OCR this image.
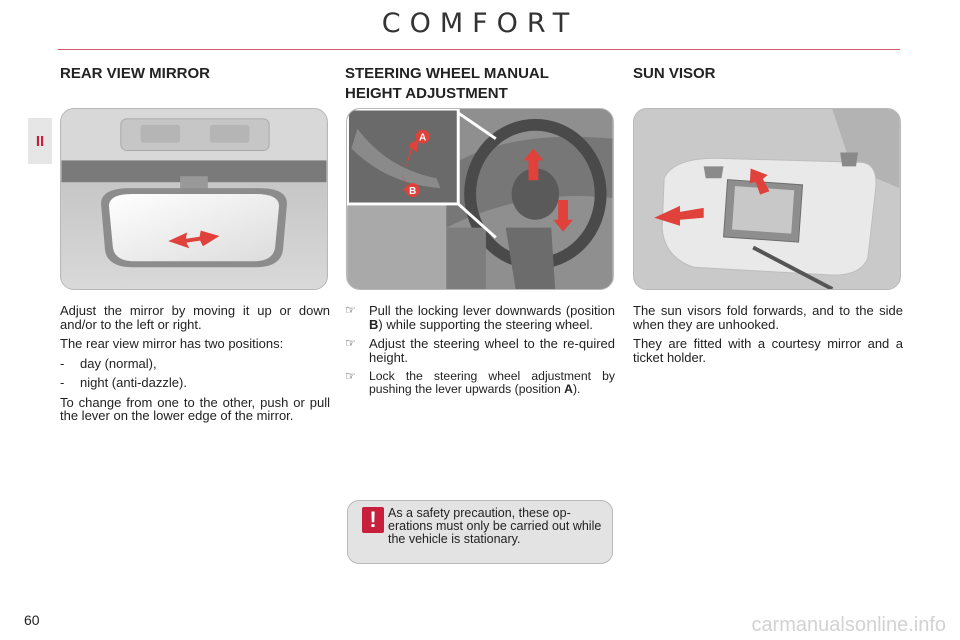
COMFORT
II
REAR VIEW MIRROR	STEERING WHEEL MANUAL
HEIGHT ADJUSTMENT
SUN VISOR
A
B

Adjust the mirror by moving it up or down and/or to the left or right.

The rear view mirror has two positions:

-	day (normal),
-	night (anti-dazzle).

To change from one to the other, push or pull the lever on the lower edge of the mirror.

☞	Pull the locking lever downwards (position B) while supporting the steering wheel.
☞	Adjust the steering wheel to the re-quired height.
☞	Lock the steering wheel adjustment by pushing the lever upwards (position A).

The sun visors fold forwards, and to the side when they are unhooked.

They are fitted with a courtesy mirror and a ticket holder.

! As a safety precaution, these op-erations must only be carried out while the vehicle is stationary.
60	carmanualsonline.info
